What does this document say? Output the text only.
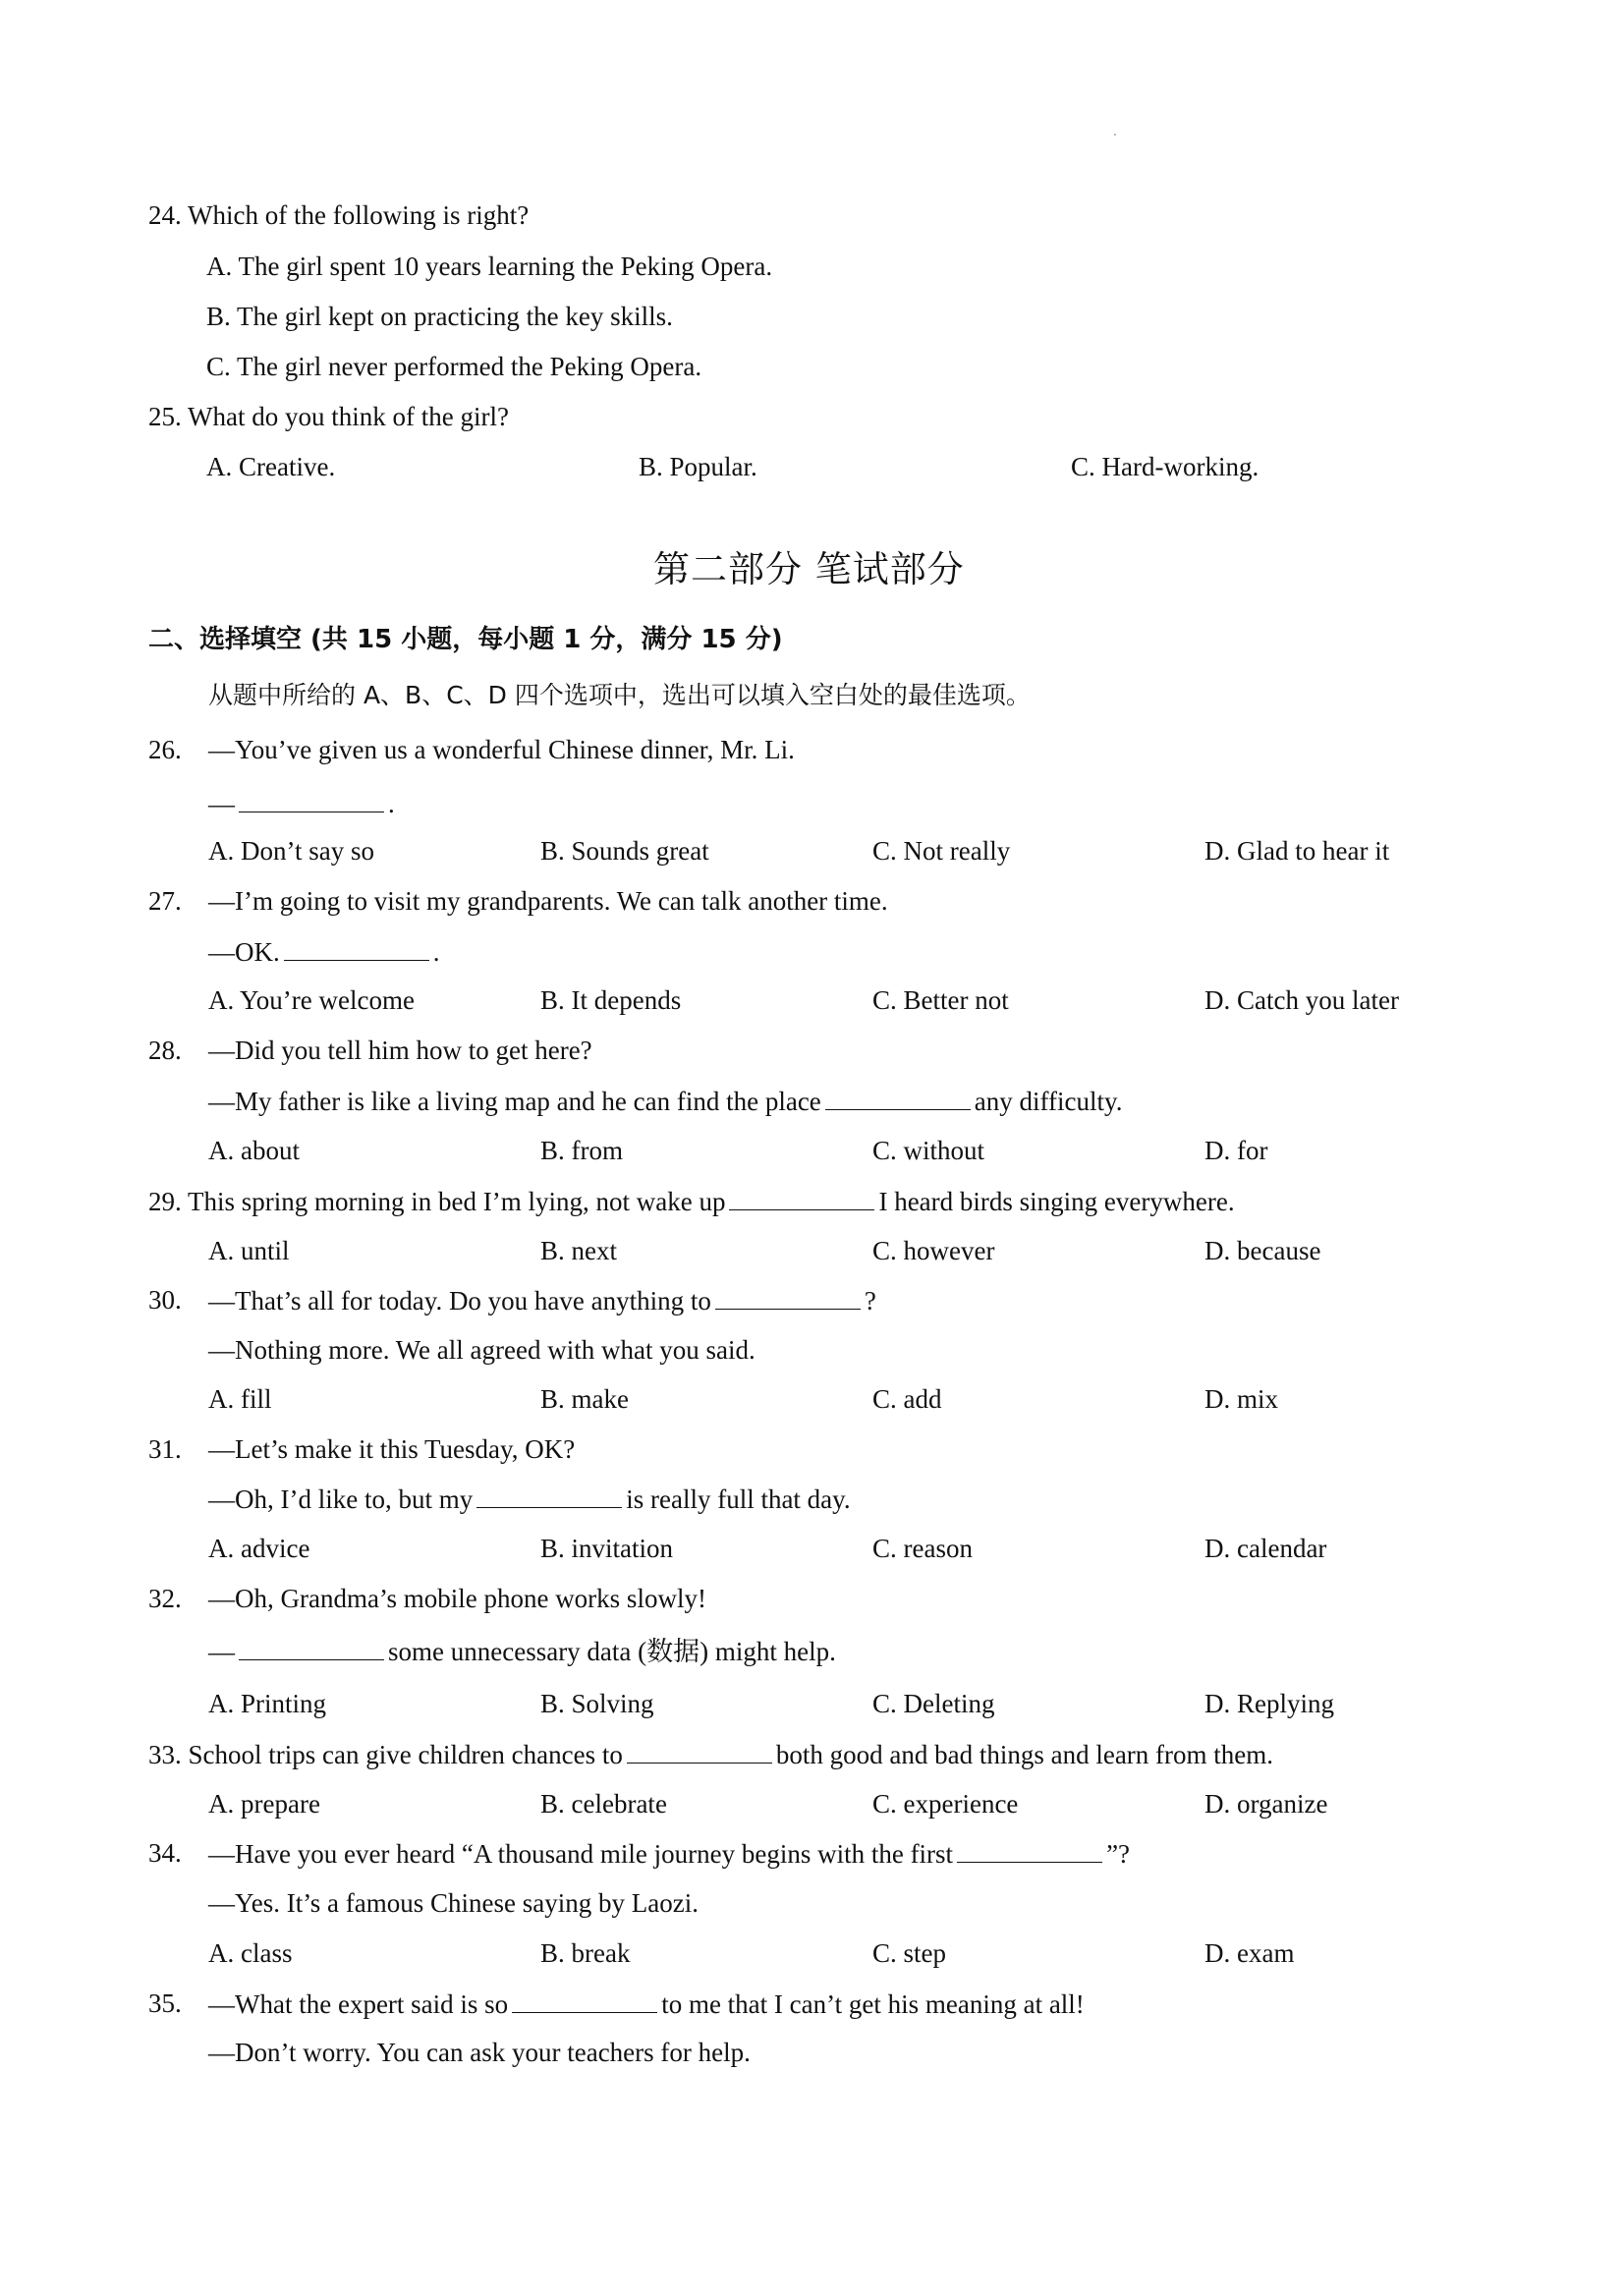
24. Which of the following is right?
A. The girl spent 10 years learning the Peking Opera.
B. The girl kept on practicing the key skills.
C. The girl never performed the Peking Opera.
25. What do you think of the girl?
A. Creative.	B. Popular.	C. Hard-working.
第二部分 笔试部分
二、选择填空 (共 15 小题，每小题 1 分，满分 15 分)
从题中所给的 A、B、C、D 四个选项中，选出可以填入空白处的最佳选项。
26. —You’ve given us a wonderful Chinese dinner, Mr. Li.
—	.
A. Don’t say so	B. Sounds great	C. Not really	D. Glad to hear it
27. —I’m going to visit my grandparents. We can talk another time.
—OK.	.
A. You’re welcome	B. It depends	C. Better not	D. Catch you later
28. —Did you tell him how to get here?
—My father is like a living map and he can find the place	any difficulty.
A. about	B. from	C. without	D. for
29. This spring morning in bed I’m lying, not wake up	I heard birds singing everywhere.
A. until	B. next	C. however	D. because
30. —That’s all for today. Do you have anything to	?
—Nothing more. We all agreed with what you said.
A. fill	B. make	C. add	D. mix
31. —Let’s make it this Tuesday, OK?
—Oh, I’d like to, but my	is really full that day.
A. advice	B. invitation	C. reason	D. calendar
32. —Oh, Grandma’s mobile phone works slowly!
—	some unnecessary data (数据) might help.
A. Printing	B. Solving	C. Deleting	D. Replying
33. School trips can give children chances to	both good and bad things and learn from them.
A. prepare	B. celebrate	C. experience	D. organize
34. —Have you ever heard “A thousand mile journey begins with the first	”?
—Yes. It’s a famous Chinese saying by Laozi.
A. class	B. break	C. step	D. exam
35. —What the expert said is so	to me that I can’t get his meaning at all!
—Don’t worry. You can ask your teachers for help.
